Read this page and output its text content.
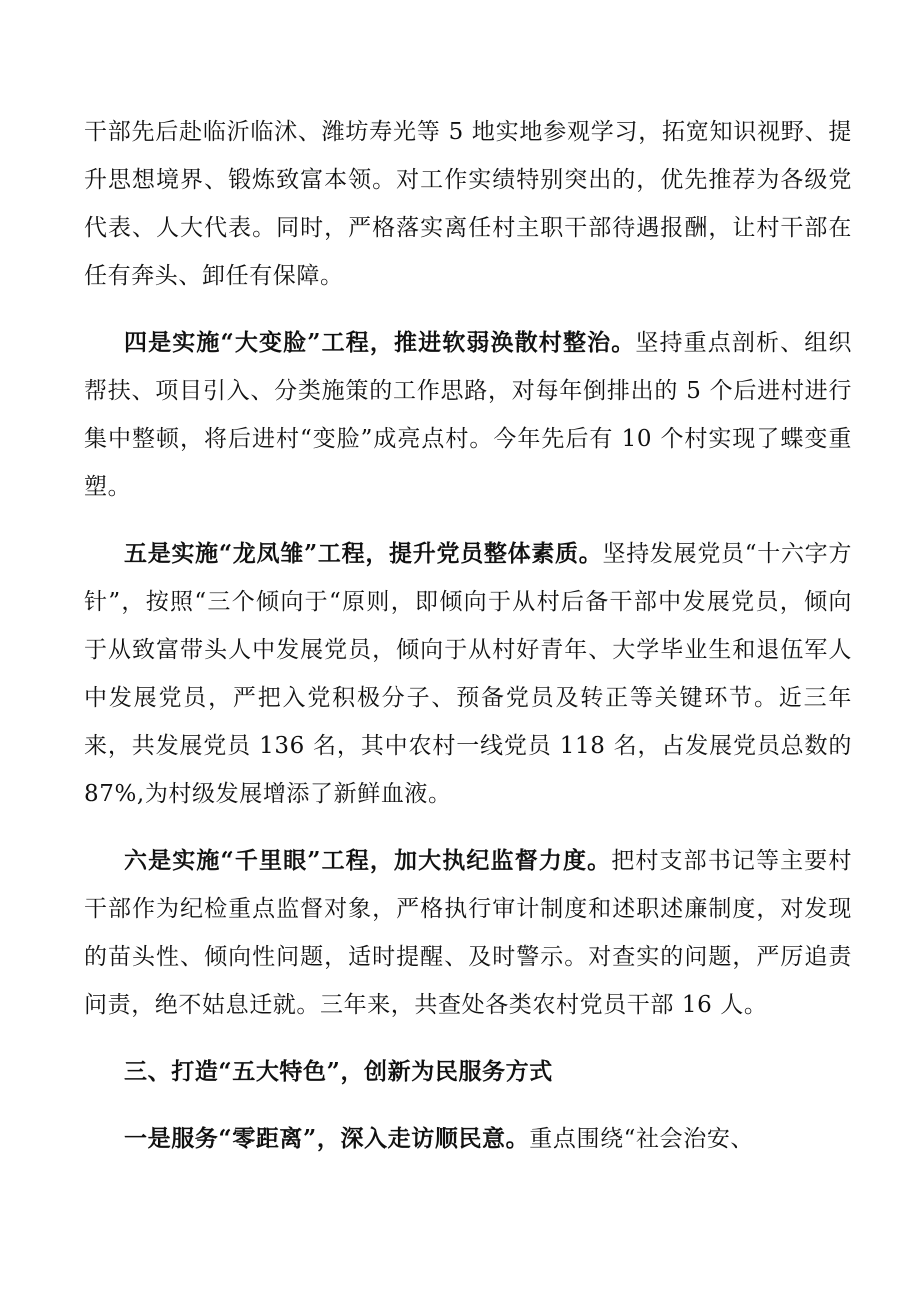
干部先后赴临沂临沭、潍坊寿光等 5 地实地参观学习，拓宽知识视野、提升思想境界、锻炼致富本领。对工作实绩特别突出的，优先推荐为各级党代表、人大代表。同时，严格落实离任村主职干部待遇报酬，让村干部在任有奔头、卸任有保障。

四是实施“大变脸”工程，推进软弱涣散村整治。坚持重点剖析、组织帮扶、项目引入、分类施策的工作思路，对每年倒排出的 5 个后进村进行集中整顿，将后进村“变脸”成亮点村。今年先后有 10 个村实现了蝶变重塑。

五是实施“龙凤雏”工程，提升党员整体素质。坚持发展党员“十六字方针”，按照“三个倾向于“原则，即倾向于从村后备干部中发展党员，倾向于从致富带头人中发展党员，倾向于从村好青年、大学毕业生和退伍军人中发展党员，严把入党积极分子、预备党员及转正等关键环节。近三年来，共发展党员 136 名，其中农村一线党员 118 名，占发展党员总数的 87%,为村级发展增添了新鲜血液。

六是实施“千里眼”工程，加大执纪监督力度。把村支部书记等主要村干部作为纪检重点监督对象，严格执行审计制度和述职述廉制度，对发现的苗头性、倾向性问题，适时提醒、及时警示。对查实的问题，严厉追责问责，绝不姑息迁就。三年来，共查处各类农村党员干部 16 人。

三、打造“五大特色”，创新为民服务方式

一是服务“零距离”，深入走访顺民意。重点围绕“社会治安、
